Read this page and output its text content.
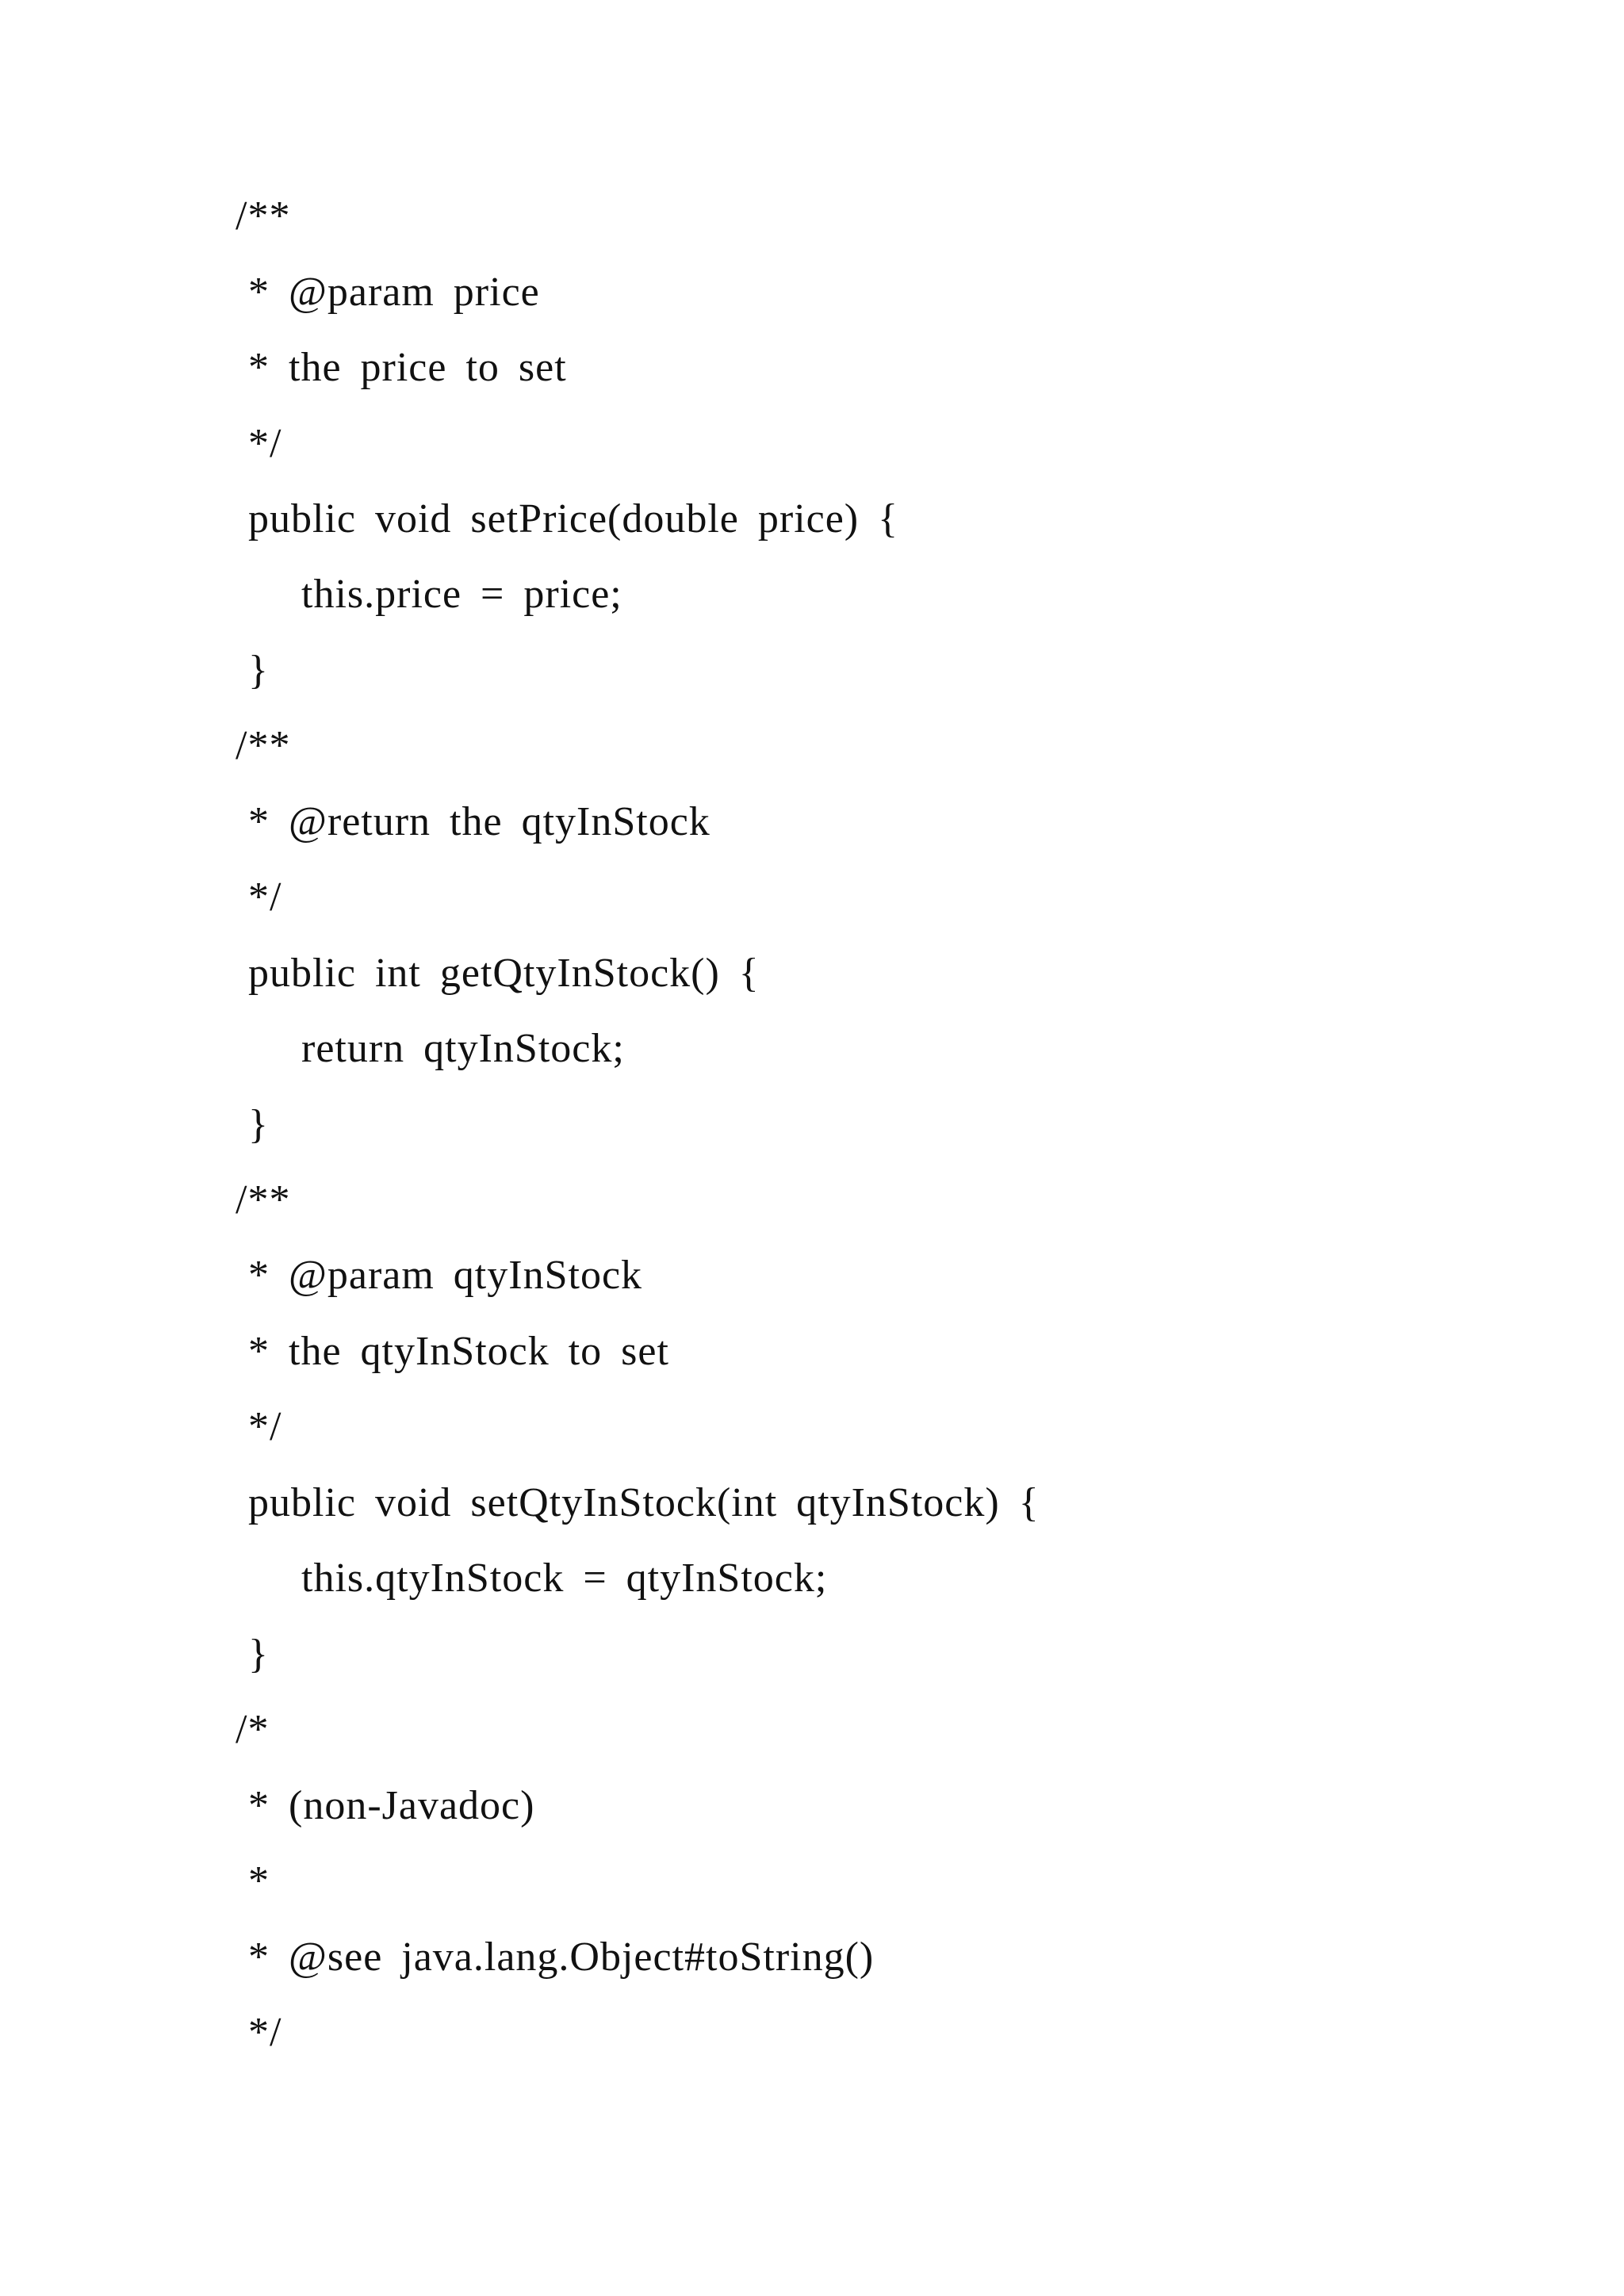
/**

* @param price

* the price to set

*/

public void setPrice(double price) {

this.price = price;

}

/**

* @return the qtyInStock

*/

public int getQtyInStock() {

return qtyInStock;

}

/**

* @param qtyInStock

* the qtyInStock to set

*/

public void setQtyInStock(int qtyInStock) {

this.qtyInStock = qtyInStock;

}

/*

* (non-Javadoc)

*

* @see java.lang.Object#toString()

*/
